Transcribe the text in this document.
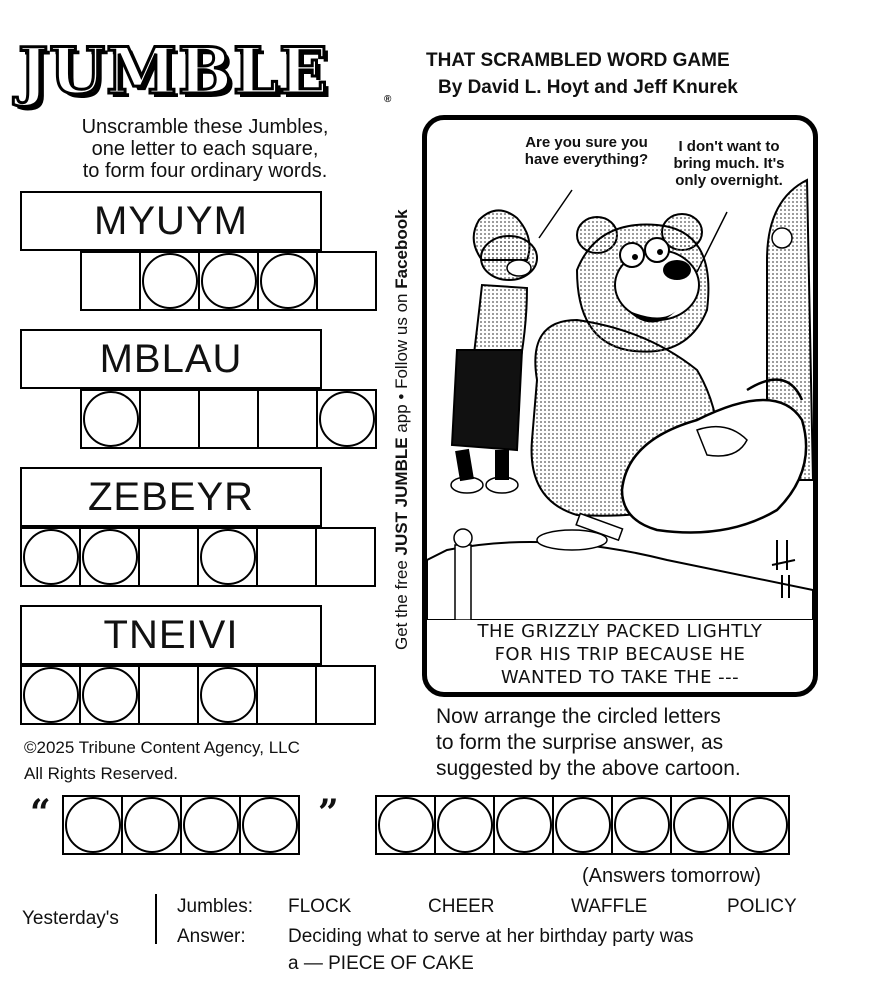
JUMBLE	®
THAT SCRAMBLED WORD GAME
By David L. Hoyt and Jeff Knurek
Unscramble these Jumbles,
one letter to each square,
to form four ordinary words.
MYUYM
MBLAU
ZEBEYR
TNEIVI	Get the free JUST JUMBLE app • Follow us on Facebook
Are you sure you have everything?
I don't want to bring much. It's only overnight.
THE GRIZZLY PACKED LIGHTLY
FOR HIS TRIP BECAUSE HE
WANTED TO TAKE THE ---
Now arrange the circled letters
to form the surprise answer, as
suggested by the above cartoon.
©2025 Tribune Content Agency, LLC
All Rights Reserved.
“	”
(Answers tomorrow)
Yesterday's
Jumbles: FLOCK	CHEER	WAFFLE	POLICY
Answer: Deciding what to serve at her birthday party was
a — PIECE OF CAKE
